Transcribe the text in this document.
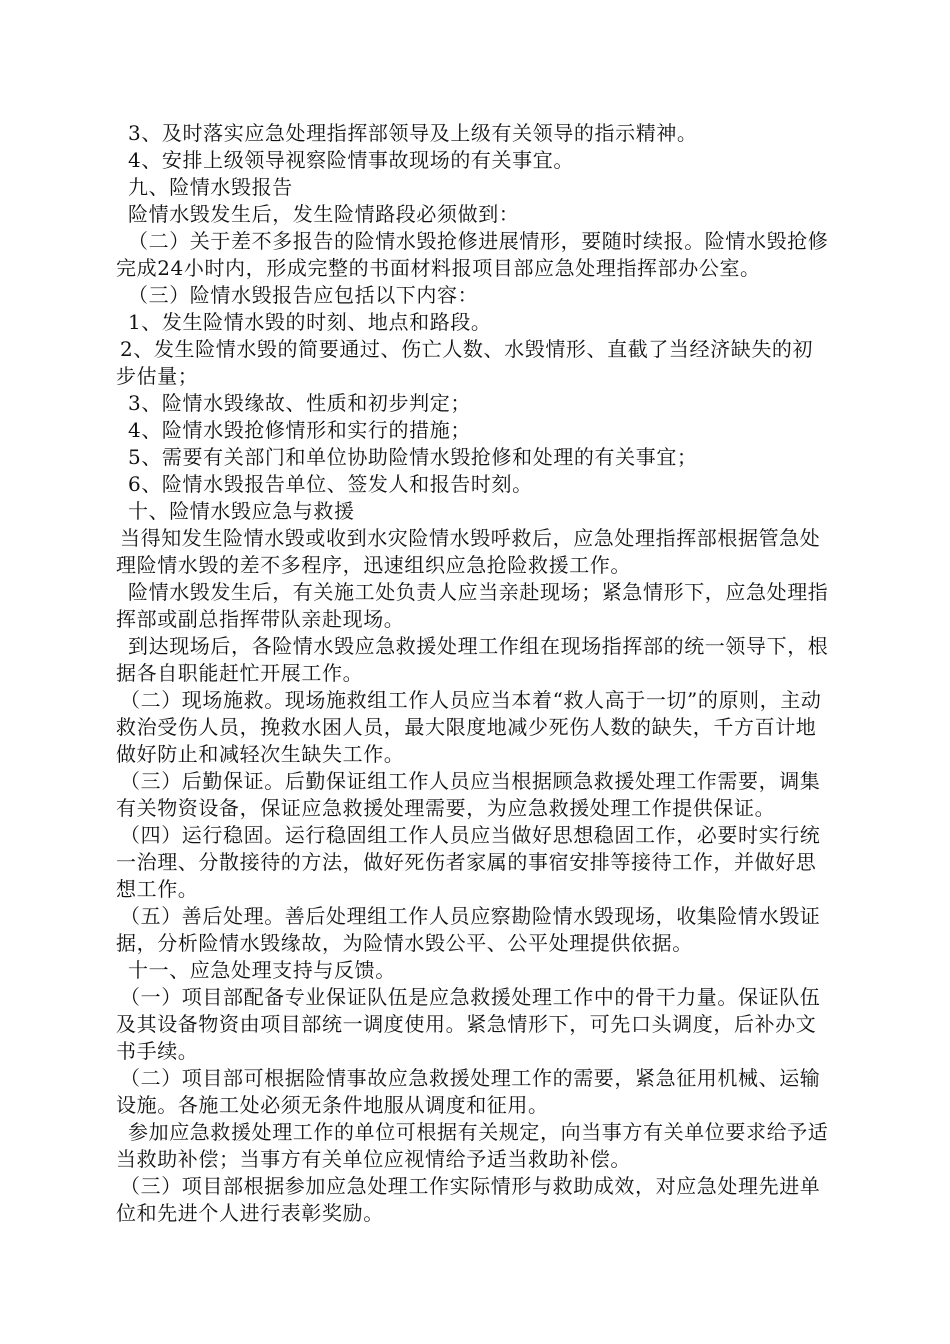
3、及时落实应急处理指挥部领导及上级有关领导的指示精神。

4、安排上级领导视察险情事故现场的有关事宜。

九、险情水毁报告

险情水毁发生后，发生险情路段必须做到：

（二）关于差不多报告的险情水毁抢修进展情形，要随时续报。险情水毁抢修完成24小时内，形成完整的书面材料报项目部应急处理指挥部办公室。

（三）险情水毁报告应包括以下内容：

1、发生险情水毁的时刻、地点和路段。

2、发生险情水毁的简要通过、伤亡人数、水毁情形、直截了当经济缺失的初步估量；

3、险情水毁缘故、性质和初步判定；

4、险情水毁抢修情形和实行的措施；

5、需要有关部门和单位协助险情水毁抢修和处理的有关事宜；

6、险情水毁报告单位、签发人和报告时刻。

十、险情水毁应急与救援

当得知发生险情水毁或收到水灾险情水毁呼救后，应急处理指挥部根据管急处理险情水毁的差不多程序，迅速组织应急抢险救援工作。

险情水毁发生后，有关施工处负责人应当亲赴现场；紧急情形下，应急处理指挥部或副总指挥带队亲赴现场。

到达现场后，各险情水毁应急救援处理工作组在现场指挥部的统一领导下，根据各自职能赶忙开展工作。

（二）现场施救。现场施救组工作人员应当本着“救人高于一切”的原则，主动救治受伤人员，挽救水困人员，最大限度地减少死伤人数的缺失，千方百计地做好防止和减轻次生缺失工作。

（三）后勤保证。后勤保证组工作人员应当根据顾急救援处理工作需要，调集有关物资设备，保证应急救援处理需要，为应急救援处理工作提供保证。

（四）运行稳固。运行稳固组工作人员应当做好思想稳固工作，必要时实行统一治理、分散接待的方法，做好死伤者家属的事宿安排等接待工作，并做好思想工作。

（五）善后处理。善后处理组工作人员应察勘险情水毁现场，收集险情水毁证据，分析险情水毁缘故，为险情水毁公平、公平处理提供依据。

十一、应急处理支持与反馈。

（一）项目部配备专业保证队伍是应急救援处理工作中的骨干力量。保证队伍及其设备物资由项目部统一调度使用。紧急情形下，可先口头调度，后补办文书手续。

（二）项目部可根据险情事故应急救援处理工作的需要，紧急征用机械、运输设施。各施工处必须无条件地服从调度和征用。

参加应急救援处理工作的单位可根据有关规定，向当事方有关单位要求给予适当救助补偿；当事方有关单位应视情给予适当救助补偿。

（三）项目部根据参加应急处理工作实际情形与救助成效，对应急处理先进单位和先进个人进行表彰奖励。
